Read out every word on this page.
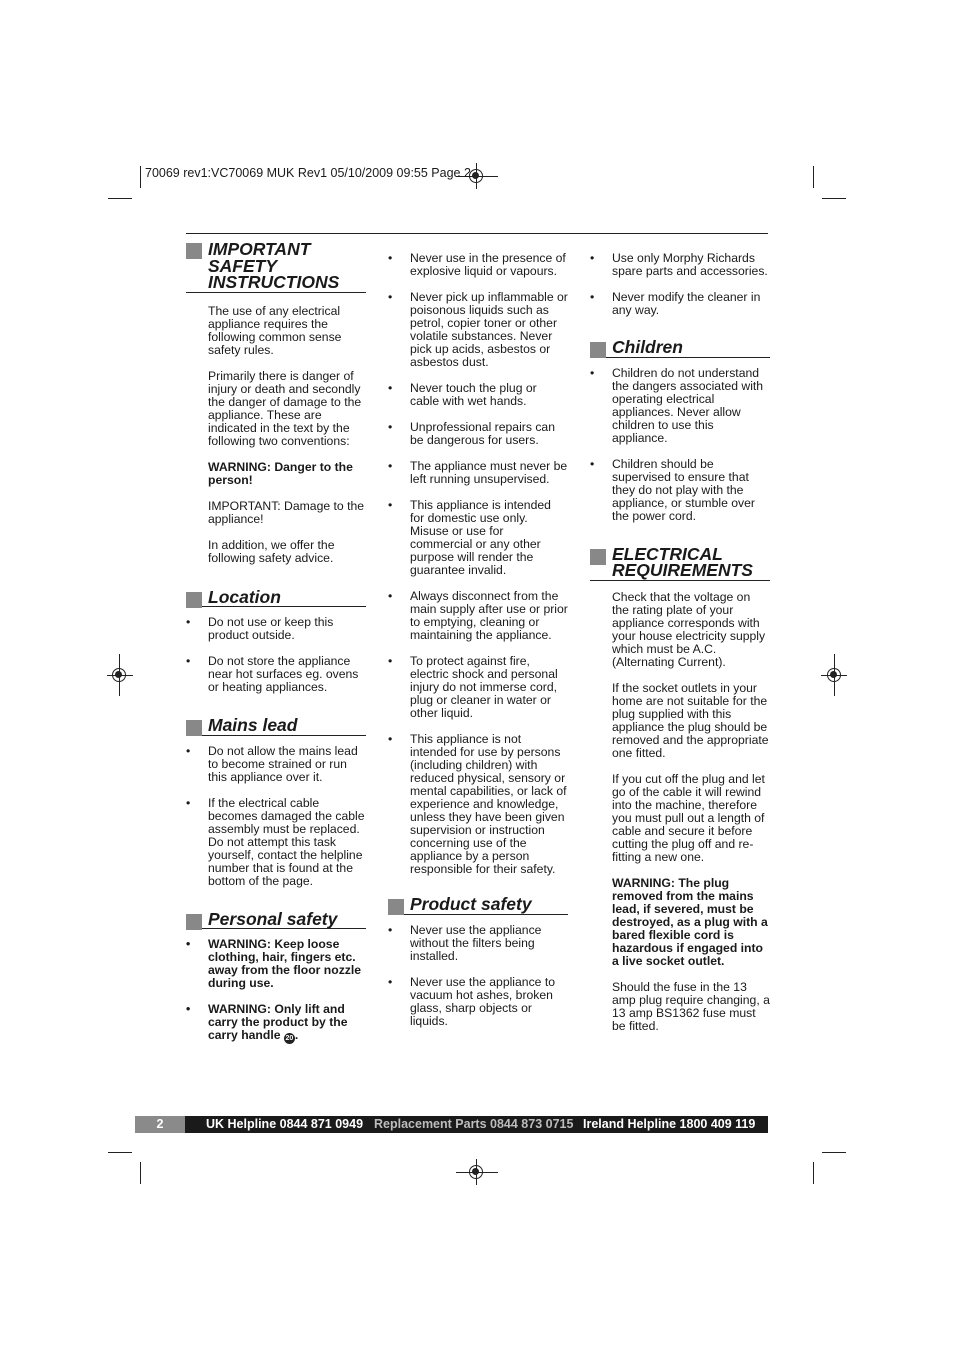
70069 rev1:VC70069 MUK Rev1 05/10/2009 09:55 Page 2
IMPORTANT
SAFETY
INSTRUCTIONS

The use of any electrical appliance requires the following common sense safety rules.

Primarily there is danger of injury or death and secondly the danger of damage to the appliance. These are indicated in the text by the following two conventions:

WARNING: Danger to the person!

IMPORTANT: Damage to the appliance!

In addition, we offer the following safety advice.

Location
• Do not use or keep this product outside.
• Do not store the appliance near hot surfaces eg. ovens or heating appliances.
Mains lead
• Do not allow the mains lead to become strained or run this appliance over it.
• If the electrical cable becomes damaged the cable assembly must be replaced. Do not attempt this task yourself, contact the helpline number that is found at the bottom of the page.
Personal safety
• WARNING: Keep loose clothing, hair, fingers etc. away from the floor nozzle during use.
• WARNING: Only lift and carry the product by the carry handle 20 .
• Never use in the presence of explosive liquid or vapours.
• Never pick up inflammable or poisonous liquids such as petrol, copier toner or other volatile substances. Never pick up acids, asbestos or asbestos dust.
• Never touch the plug or cable with wet hands.
• Unprofessional repairs can be dangerous for users.
• The appliance must never be left running unsupervised.
• This appliance is intended for domestic use only. Misuse or use for commercial or any other purpose will render the guarantee invalid.
• Always disconnect from the main supply after use or prior to emptying, cleaning or maintaining the appliance.
• To protect against fire, electric shock and personal injury do not immerse cord, plug or cleaner in water or other liquid.
• This appliance is not intended for use by persons (including children) with reduced physical, sensory or mental capabilities, or lack of experience and knowledge, unless they have been given supervision or instruction concerning use of the appliance by a person responsible for their safety.
Product safety
• Never use the appliance without the filters being installed.
• Never use the appliance to vacuum hot ashes, broken glass, sharp objects or liquids.
• Use only Morphy Richards spare parts and accessories.
• Never modify the cleaner in any way.
Children
• Children do not understand the dangers associated with operating electrical appliances. Never allow children to use this appliance.
• Children should be supervised to ensure that they do not play with the appliance, or stumble over the power cord.
ELECTRICAL
REQUIREMENTS

Check that the voltage on the rating plate of your appliance corresponds with your house electricity supply which must be A.C. (Alternating Current).

If the socket outlets in your home are not suitable for the plug supplied with this appliance the plug should be removed and the appropriate one fitted.

If you cut off the plug and let go of the cable it will rewind into the machine, therefore you must pull out a length of cable and secure it before cutting the plug off and re-fitting a new one.

WARNING: The plug removed from the mains lead, if severed, must be destroyed, as a plug with a bared flexible cord is hazardous if engaged into a live socket outlet.

Should the fuse in the 13 amp plug require changing, a 13 amp BS1362 fuse must be fitted.

2	UK Helpline 0844 871 0949 Replacement Parts 0844 873 0715 Ireland Helpline 1800 409 119
